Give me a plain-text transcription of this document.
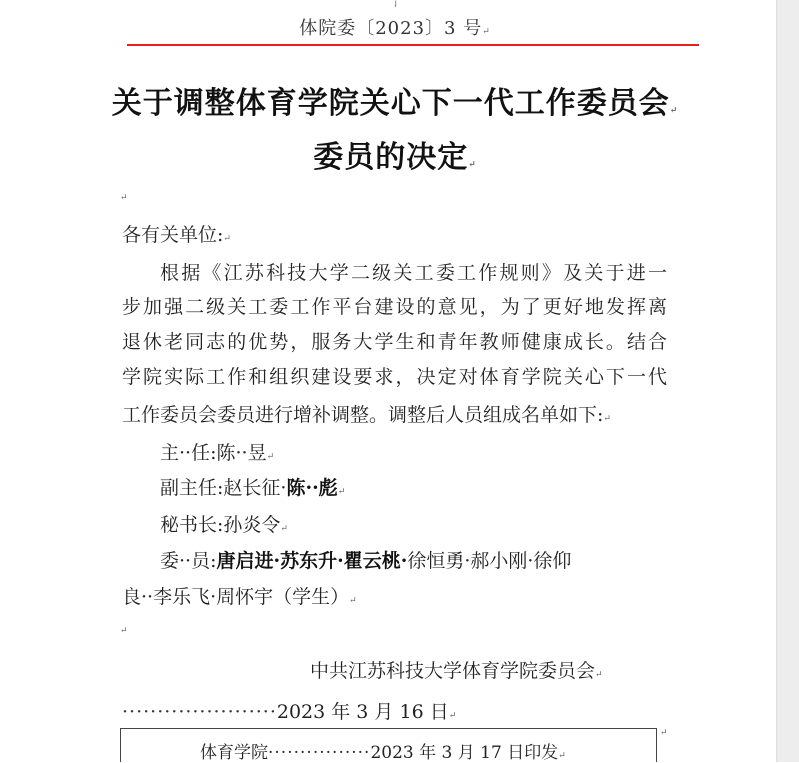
⇃
体院委〔2023〕3 号↵
关于调整体育学院关心下一代工作委员会↵
委员的决定↵
↵
各有关单位:↵
根据《江苏科技大学二级关工委工作规则》及关于进一
步加强二级关工委工作平台建设的意见，为了更好地发挥离
退休老同志的优势，服务大学生和青年教师健康成长。结合
学院实际工作和组织建设要求，决定对体育学院关心下一代
工作委员会委员进行增补调整。调整后人员组成名单如下:↵
主··任:陈··昱↵
副主任:赵长征·陈··彪↵
秘书长:孙炎令↵
委··员:唐启进·苏东升·瞿云桃·徐恒勇·郝小刚·徐仰
良··李乐飞·周怀宇（学生）↵
↵
中共江苏科技大学体育学院委员会↵
······················2023 年 3 月 16 日↵
↵
体育学院················2023 年 3 月 17 日印发↵
